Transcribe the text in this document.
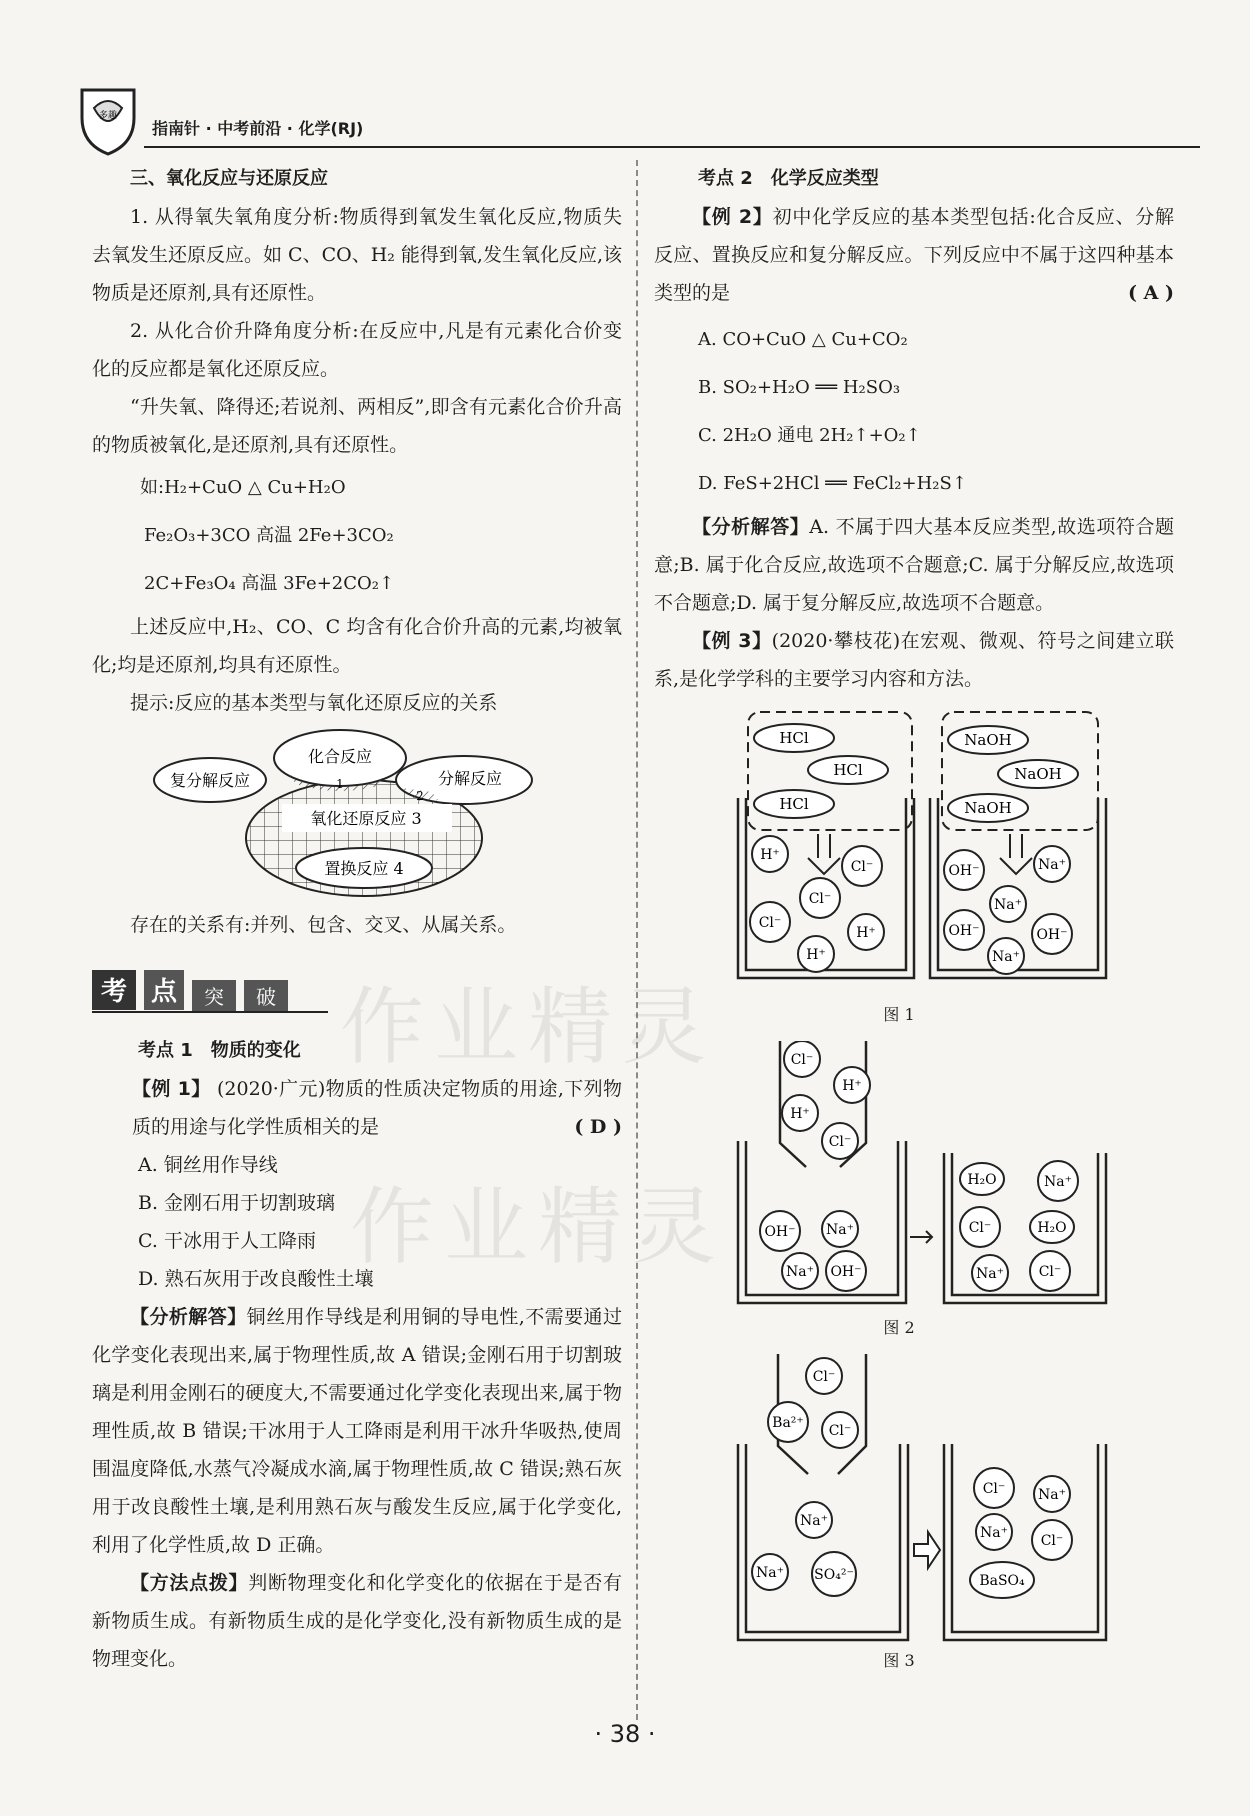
多趣
指南针 · 中考前沿 · 化学(RJ)
作业精灵
作业精灵
三、氧化反应与还原反应

1. 从得氧失氧角度分析:物质得到氧发生氧化反应,物质失去氧发生还原反应。如 C、CO、H₂ 能得到氧,发生氧化反应,该物质是还原剂,具有还原性。

2. 从化合价升降角度分析:在反应中,凡是有元素化合价变化的反应都是氧化还原反应。

“升失氧、降得还;若说剂、两相反”,即含有元素化合价升高的物质被氧化,是还原剂,具有还原性。

如:H₂+CuO △ Cu+H₂O

Fe₂O₃+3CO 高温 2Fe+3CO₂

2C+Fe₃O₄ 高温 3Fe+2CO₂↑

上述反应中,H₂、CO、C 均含有化合价升高的元素,均被氧化;均是还原剂,均具有还原性。

提示:反应的基本类型与氧化还原反应的关系

复分解反应
化合反应
分解反应
氧化还原反应 3
置换反应 4
1
2

存在的关系有:并列、包含、交叉、从属关系。

考 点 突 破
考点 1　物质的变化

【例 1】 (2020·广元)物质的性质决定物质的用途,下列物质的用途与化学性质相关的是	( D )

A. 铜丝用作导线

B. 金刚石用于切割玻璃

C. 干冰用于人工降雨

D. 熟石灰用于改良酸性土壤

【分析解答】铜丝用作导线是利用铜的导电性,不需要通过化学变化表现出来,属于物理性质,故 A 错误;金刚石用于切割玻璃是利用金刚石的硬度大,不需要通过化学变化表现出来,属于物理性质,故 B 错误;干冰用于人工降雨是利用干冰升华吸热,使周围温度降低,水蒸气冷凝成水滴,属于物理性质,故 C 错误;熟石灰用于改良酸性土壤,是利用熟石灰与酸发生反应,属于化学变化,利用了化学性质,故 D 正确。

【方法点拨】判断物理变化和化学变化的依据在于是否有新物质生成。有新物质生成的是化学变化,没有新物质生成的是物理变化。

考点 2　化学反应类型

【例 2】初中化学反应的基本类型包括:化合反应、分解反应、置换反应和复分解反应。下列反应中不属于这四种基本类型的是	( A )

A. CO+CuO △ Cu+CO₂

B. SO₂+H₂O ══ H₂SO₃

C. 2H₂O 通电 2H₂↑+O₂↑

D. FeS+2HCl ══ FeCl₂+H₂S↑

【分析解答】A. 不属于四大基本反应类型,故选项符合题意;B. 属于化合反应,故选项不合题意;C. 属于分解反应,故选项不合题意;D. 属于复分解反应,故选项不合题意。

【例 3】(2020·攀枝花)在宏观、微观、符号之间建立联系,是化学学科的主要学习内容和方法。

HCl
HCl
HCl
NaOH
NaOH
NaOH
H⁺
Cl⁻
Cl⁻
Cl⁻
H⁺
H⁺
OH⁻	Na⁺
Na⁺
OH⁻	OH⁻
Na⁺
图 1
Cl⁻
H⁺
H⁺
Cl⁻
OH⁻ Na⁺
Na⁺ OH⁻
H₂O	Na⁺
Cl⁻	H₂O
Na⁺ Cl⁻
图 2
Cl⁻
Ba²⁺ Cl⁻
Na⁺
Na⁺ SO₄²⁻
Cl⁻ Na⁺
Na⁺ Cl⁻
BaSO₄
图 3
· 38 ·
